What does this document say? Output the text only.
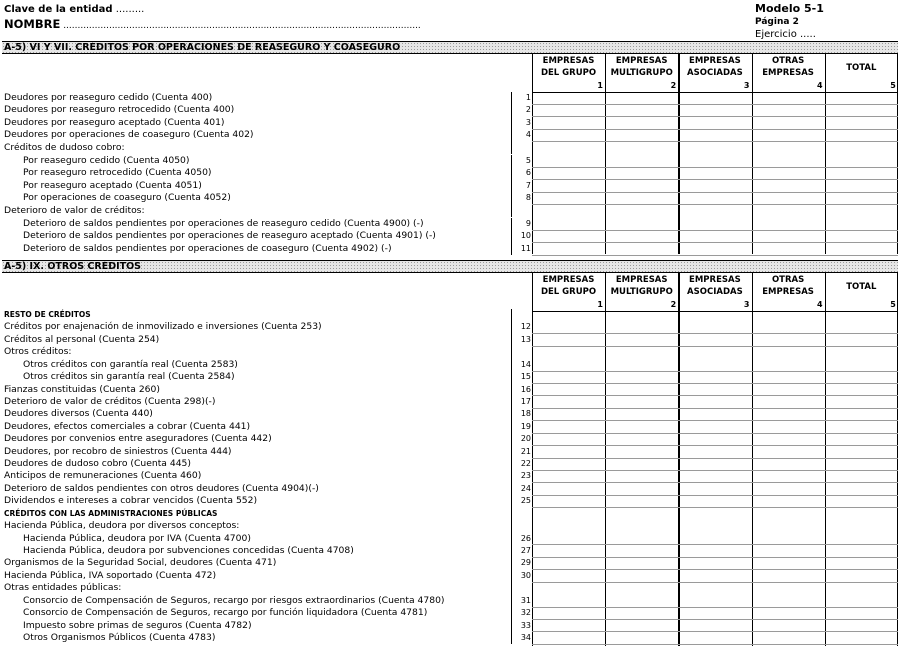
Clave de la entidad .........
NOMBRE .............................................................................................................................
Modelo 5-1
Página 2
Ejercicio .....
A-5) VI Y VII. CRÉDITOS POR OPERACIONES DE REASEGURO Y COASEGURO
EMPRESAS
DEL GRUPO
1
EMPRESAS
MULTIGRUPO
2
EMPRESAS
ASOCIADAS
3
OTRAS
EMPRESAS
4
TOTAL
5
Deudores por reaseguro cedido (Cuenta 400)	1
Deudores por reaseguro retrocedido (Cuenta 400)	2
Deudores por reaseguro aceptado (Cuenta 401)	3
Deudores por operaciones de coaseguro (Cuenta 402)	4
Créditos de dudoso cobro:
Por reaseguro cedido (Cuenta 4050)	5
Por reaseguro retrocedido (Cuenta 4050)	6
Por reaseguro aceptado (Cuenta 4051)	7
Por operaciones de coaseguro (Cuenta 4052)	8
Deterioro de valor de créditos:
Deterioro de saldos pendientes por operaciones de reaseguro cedido (Cuenta 4900) (-)	9
Deterioro de saldos pendientes por operaciones de reaseguro aceptado (Cuenta 4901) (-)	10
Deterioro de saldos pendientes por operaciones de coaseguro (Cuenta 4902) (-)	11
A-5) IX. OTROS CRÉDITOS
EMPRESAS
DEL GRUPO
1
EMPRESAS
MULTIGRUPO
2
EMPRESAS
ASOCIADAS
3
OTRAS
EMPRESAS
4
TOTAL
5
RESTO DE CRÉDITOS
Créditos por enajenación de inmovilizado e inversiones (Cuenta 253)	12
Créditos al personal (Cuenta 254)	13
Otros créditos:
Otros créditos con garantía real (Cuenta 2583)	14
Otros créditos sin garantía real (Cuenta 2584)	15
Fianzas constituidas (Cuenta 260)	16
Deterioro de valor de créditos (Cuenta 298)(-)	17
Deudores diversos (Cuenta 440)	18
Deudores, efectos comerciales a cobrar (Cuenta 441)	19
Deudores por convenios entre aseguradores (Cuenta 442)	20
Deudores, por recobro de siniestros (Cuenta 444)	21
Deudores de dudoso cobro (Cuenta 445)	22
Anticipos de remuneraciones (Cuenta 460)	23
Deterioro de saldos pendientes con otros deudores (Cuenta 4904)(-)	24
Dividendos e intereses a cobrar vencidos (Cuenta 552)	25
CRÉDITOS CON LAS ADMINISTRACIONES PÚBLICAS
Hacienda Pública, deudora por diversos conceptos:
Hacienda Pública, deudora por IVA (Cuenta 4700)	26
Hacienda Pública, deudora por subvenciones concedidas (Cuenta 4708)	27
Organismos de la Seguridad Social, deudores (Cuenta 471)	29
Hacienda Pública, IVA soportado (Cuenta 472)	30
Otras entidades públicas:
Consorcio de Compensación de Seguros, recargo por riesgos extraordinarios (Cuenta 4780)	31
Consorcio de Compensación de Seguros, recargo por función liquidadora (Cuenta 4781)	32
Impuesto sobre primas de seguros (Cuenta 4782)	33
Otros Organismos Públicos (Cuenta 4783)	34
